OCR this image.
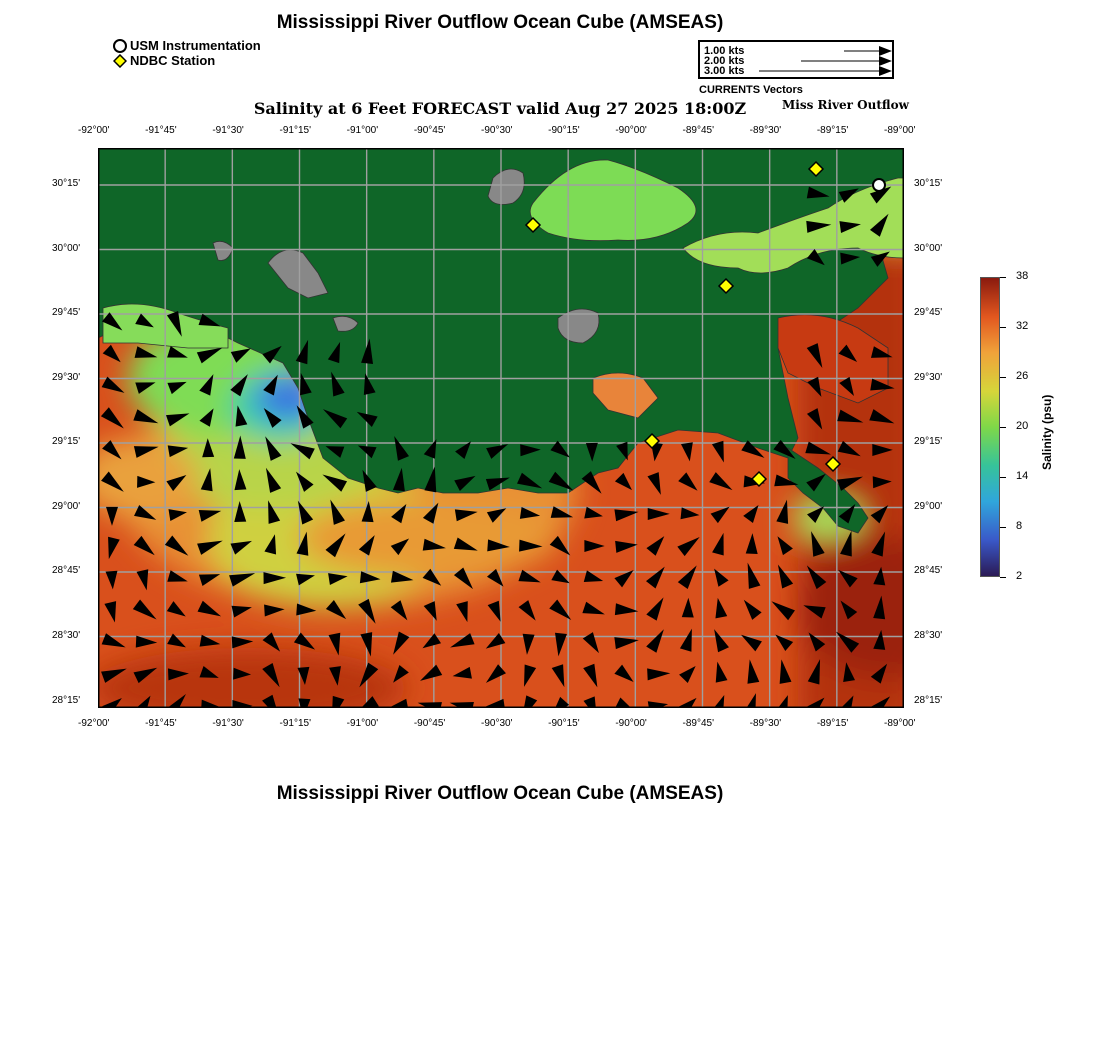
Mississippi River Outflow Ocean Cube (AMSEAS)
USM Instrumentation
NDBC Station
1.00 kts
2.00 kts
3.00 kts
CURRENTS Vectors
Salinity at 6 Feet FORECAST valid Aug 27 2025 18:00Z	Miss River Outflow
-92°00'	-91°45'	-91°30'	-91°15'	-91°00'	-90°45'	-90°30'	-90°15'	-90°00'	-89°45'	-89°30'	-89°15'	-89°00'
-92°00'	-91°45'	-91°30'	-91°15'	-91°00'	-90°45'	-90°30'	-90°15'	-90°00'	-89°45'	-89°30'	-89°15'	-89°00'
30°15'
30°00'
29°45'
29°30'
29°15'
29°00'
28°45'
28°30'
28°15'
30°15'
30°00'
29°45'
29°30'
29°15'
29°00'
28°45'
28°30'
28°15'
38
32
26
20
14
8
2
Salinity (psu)
Mississippi River Outflow Ocean Cube (AMSEAS)
